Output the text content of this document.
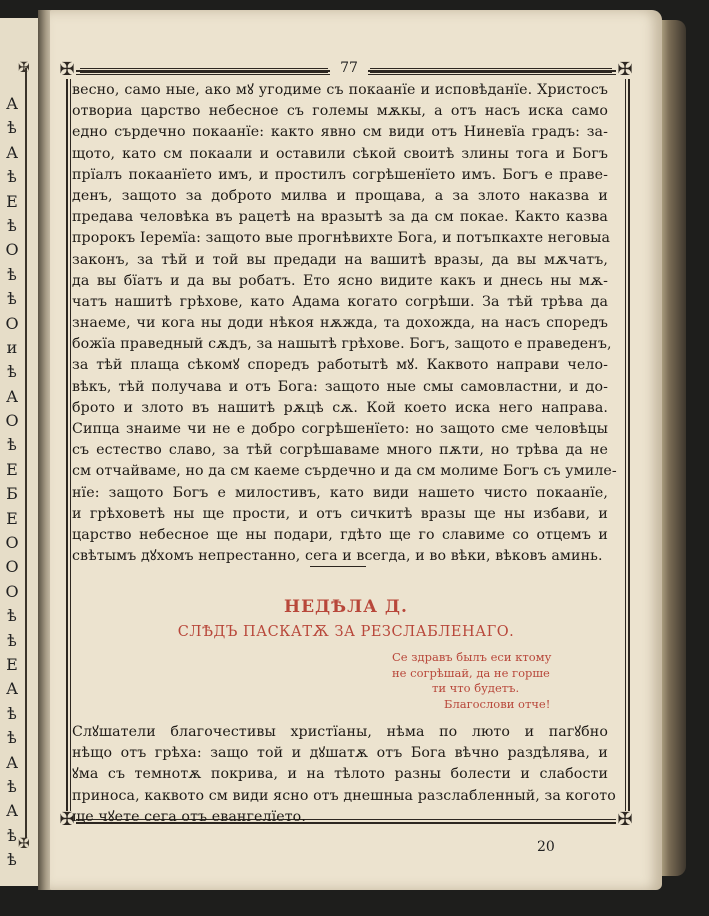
✠
✠
А
ѣ
А
ѣ
Е
ѣ
О
ѣ
ѣ
О
и
ѣ
А
О
ѣ
Е
Б
Е
О
О
О
ѣ
ѣ
Е
А
ѣ
ѣ
А
ѣ
А
ѣ
ѣ
77
✠	✠
✠	✠
весно, само ные, ако мꙋ угодиме съ покаанїе и исповѣданїе. Христосъ
отвориа царство небесное съ големы мѫкы, а отъ насъ иска само
едно сърдечно покаанїе: както явно см види отъ Ниневїа градъ: за-
щото, като см покаали и оставили сѣкой своитѣ злины тога и Богъ
прїалъ покаанїето имъ, и простилъ согрѣшенїето имъ. Богъ е праве-
денъ, защото за доброто милва и прощава, а за злото наказва и
предава человѣка въ рацетѣ на вразытѣ за да см покае. Както казва
пророкъ Іеремїа: защото вые прогнѣвихте Бога, и потъпкахте неговыа
законъ, за тѣй и той вы предади на вашитѣ вразы, да вы мѫчатъ,
да вы бїатъ и да вы робатъ. Ето ясно видите какъ и днесь ны мѫ-
чатъ нашитѣ грѣхове, като Адама когато согрѣши. За тѣй трѣва да
знаеме, чи кога ны доди нѣкоя нѫжда, та дохожда, на насъ споредъ
божїа праведный сѫдъ, за нашытѣ грѣхове. Богъ, защото е праведенъ,
за тѣй плаща сѣкомꙋ споредъ работытѣ мꙋ. Каквото направи чело-
вѣкъ, тѣй получава и отъ Бога: защото ные смы самовластни, и до-
брото и злото въ нашитѣ рѫцѣ сѫ. Кой което иска него направа.
Сипца знаиме чи не е добро согрѣшенїето: но защото сме человѣцы
съ естество славо, за тѣй согрѣшаваме много пѫти, но трѣва да не
см отчайваме, но да см каеме сърдечно и да см молиме Богъ съ умиле-
нїе: защото Богъ е милостивъ, като види нашето чисто покаанїе,
и грѣховетѣ ны ще прости, и отъ сичкитѣ вразы ще ны избави, и
царство небесное ще ны подари, гдѣто ще го славиме со отцемъ и
свѣтымъ дꙋхомъ непрестанно, сега и всегда, и во вѣки, вѣковъ аминь.
НЕДѢЛА Д.
СЛѢДЪ ПАСКАТѪ ЗА РЕЗСЛАБЛЕНАГО.
Се здравъ былъ еси ктому
не согрѣшай, да не горше
ти что будетъ.
Благослови отче!
Слꙋшатели благочестивы христїаны, нѣма по люто и пагꙋбно
нѣщо отъ грѣха: защо той и дꙋшатѫ отъ Бога вѣчно раздѣлява, и
ꙋма съ темнотѫ покрива, и на тѣлото разны болести и слабости
приноса, каквото см види ясно отъ днешныа разслабленный, за когото
ще чꙋете сега отъ евангелїето.
20
